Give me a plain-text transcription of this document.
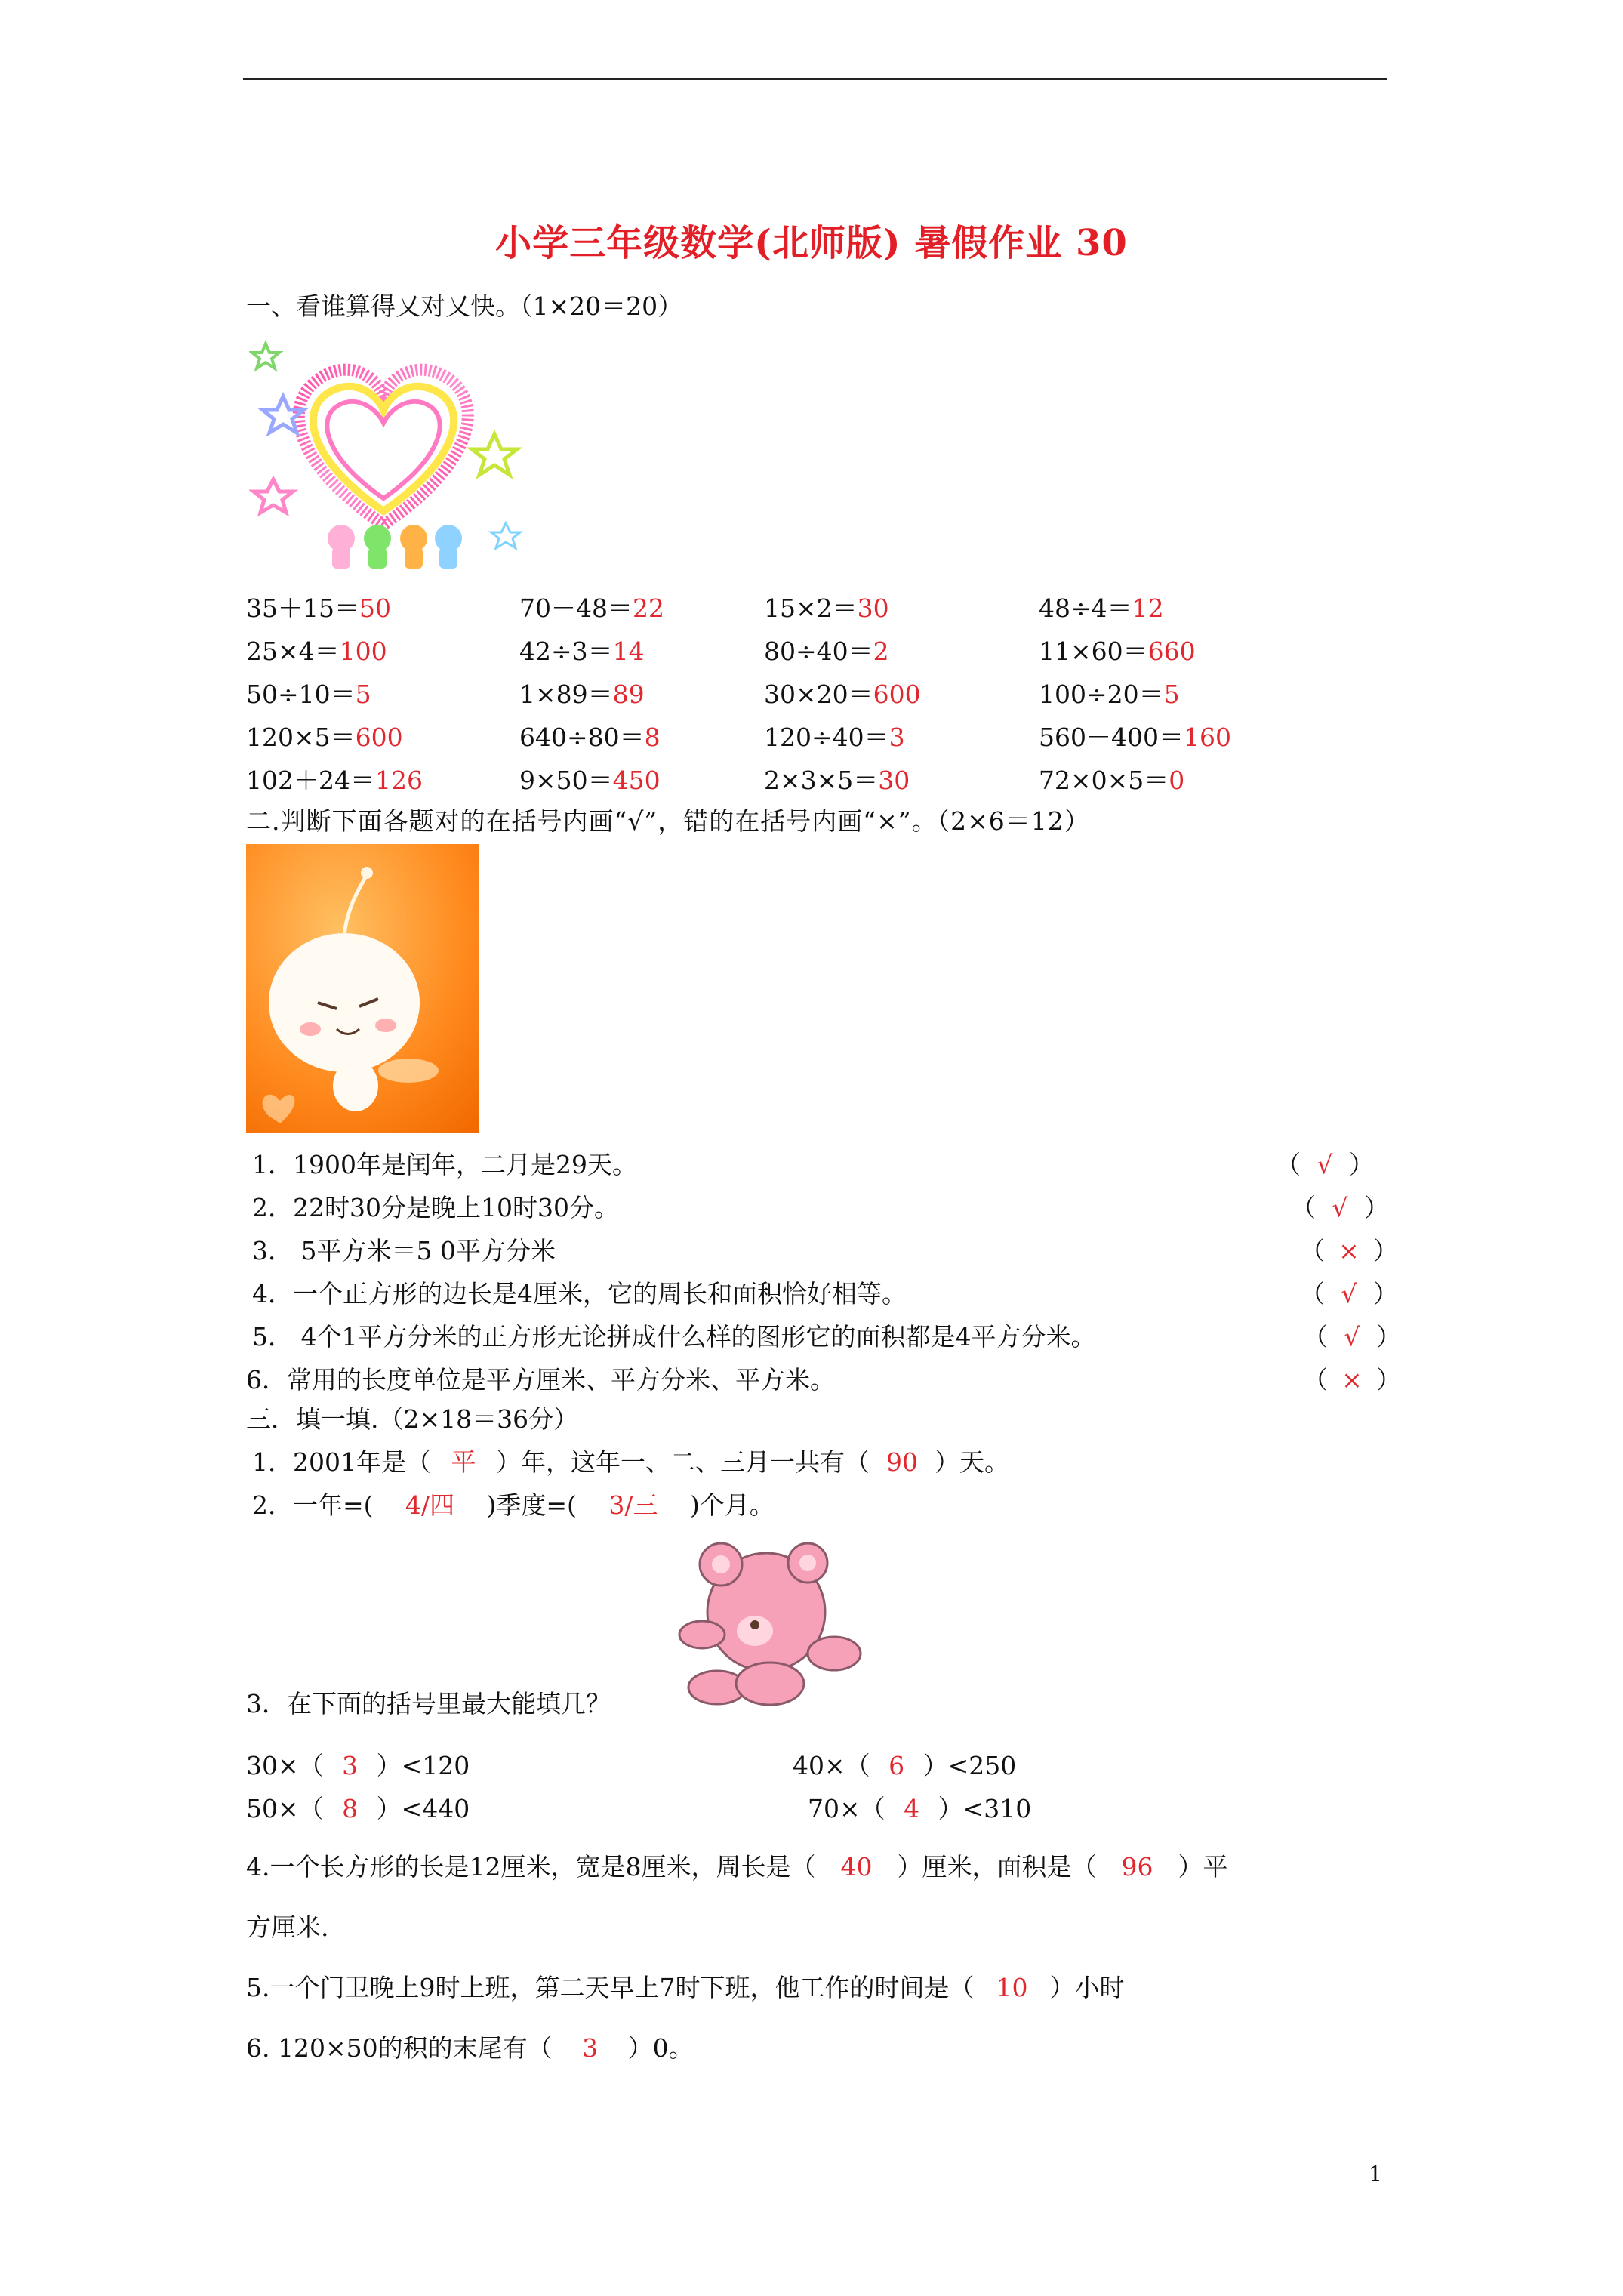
小学三年级数学(北师版) 暑假作业 30
一、看谁算得又对又快。（1×20＝20）
35＋15＝50	70－48＝22	15×2＝30	48÷4＝12
25×4＝100	42÷3＝14	80÷40＝2	11×60＝660
50÷10＝5	1×89＝89	30×20＝600	100÷20＝5
120×5＝600	640÷80＝8	120÷40＝3	560－400＝160
102＋24＝126	9×50＝450	2×3×5＝30	72×0×5＝0
二.判断下面各题对的在括号内画“√”，错的在括号内画“×”。（2×6＝12）
1．1900年是闰年，二月是29天。	（ √ ）
2．22时30分是晚上10时30分。	（ √ ）
3． 5平方米＝5 0平方分米	（ × ）
4．一个正方形的边长是4厘米，它的周长和面积恰好相等。	（ √ ）
5． 4个1平方分米的正方形无论拼成什么样的图形它的面积都是4平方分米。	（ √ ）
6．常用的长度单位是平方厘米、平方分米、平方米。	（ × ）
三．填一填.（2×18＝36分）
1．2001年是（ 平 ）年，这年一、二、三月一共有（ 90 ）天。
2．一年=( 4/四 )季度=( 3/三 )个月。
3．在下面的括号里最大能填几？
30×（ 3 ）<120	40×（ 6 ）<250
50×（ 8 ）<440	70×（ 4 ）<310
4.一个长方形的长是12厘米，宽是8厘米，周长是（ 40 ）厘米，面积是（ 96 ）平
方厘米.
5.一个门卫晚上9时上班，第二天早上7时下班，他工作的时间是（ 10 ）小时
6. 120×50的积的末尾有（ 3 ）0。
1
